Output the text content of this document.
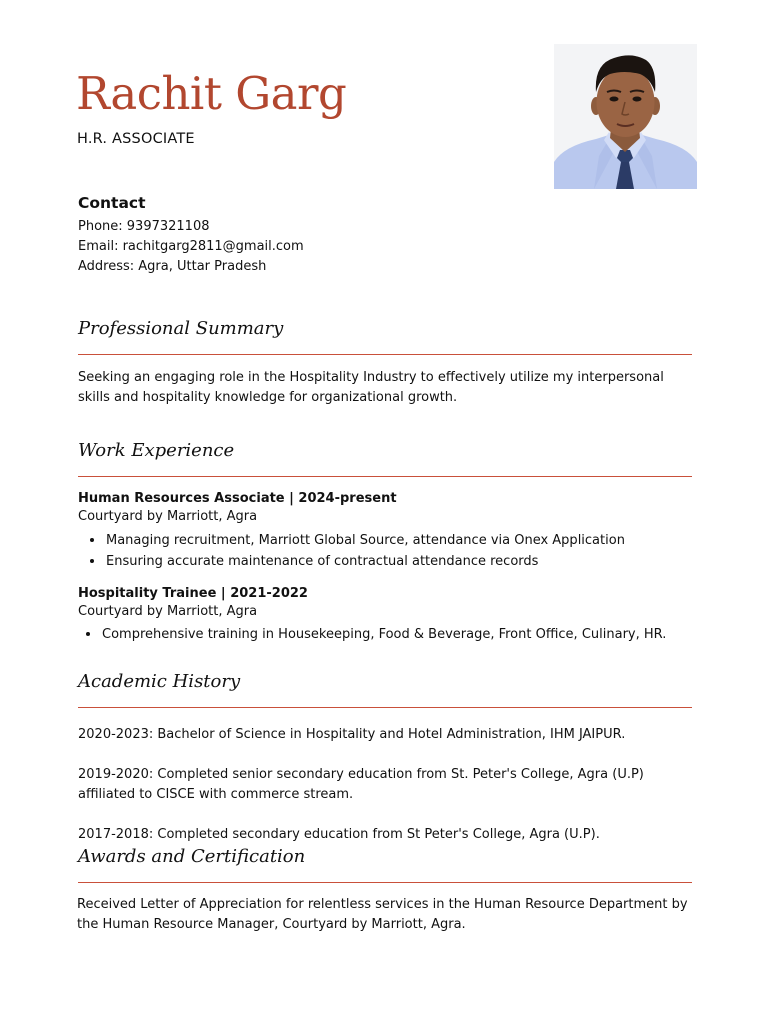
Rachit Garg
H.R. ASSOCIATE
Contact
Phone: 9397321108
Email: rachitgarg2811@gmail.com
Address: Agra, Uttar Pradesh
Professional Summary
Seeking an engaging role in the Hospitality Industry to effectively utilize my interpersonal skills and hospitality knowledge for organizational growth.
Work Experience
Human Resources Associate | 2024-present
Courtyard by Marriott, Agra
Managing recruitment, Marriott Global Source, attendance via Onex Application
Ensuring accurate maintenance of contractual attendance records
Hospitality Trainee | 2021-2022
Courtyard by Marriott, Agra
Comprehensive training in Housekeeping, Food & Beverage, Front Office, Culinary, HR.
Academic History
2020-2023: Bachelor of Science in Hospitality and Hotel Administration, IHM JAIPUR.
2019-2020: Completed senior secondary education from St. Peter's College, Agra (U.P) affiliated to CISCE with commerce stream.
2017-2018: Completed secondary education from St Peter's College, Agra (U.P).
Awards and Certification
Received Letter of Appreciation for relentless services in the Human Resource Department by the Human Resource Manager, Courtyard by Marriott, Agra.
